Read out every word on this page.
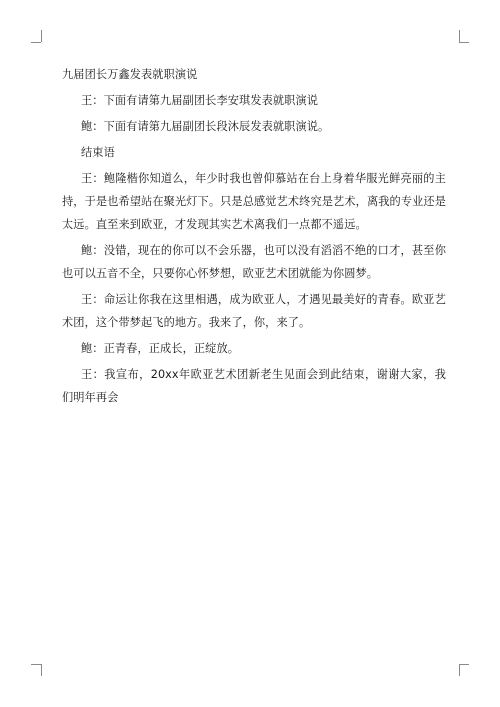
九届团长万鑫发表就职演说

王：下面有请第九届副团长李安琪发表就职演说

鲍：下面有请第九届副团长段沐辰发表就职演说。

结束语

王：鲍隆楷你知道么，年少时我也曾仰慕站在台上身着华服光鲜亮丽的主持，于是也希望站在聚光灯下。只是总感觉艺术终究是艺术，离我的专业还是太远。直至来到欧亚，才发现其实艺术离我们一点都不遥远。

鲍：没错，现在的你可以不会乐器，也可以没有滔滔不绝的口才，甚至你也可以五音不全，只要你心怀梦想，欧亚艺术团就能为你圆梦。

王：命运让你我在这里相遇，成为欧亚人，才遇见最美好的青春。欧亚艺术团，这个带梦起飞的地方。我来了，你，来了。

鲍：正青春，正成长，正绽放。

王：我宣布，20xx年欧亚艺术团新老生见面会到此结束，谢谢大家，我们明年再会
